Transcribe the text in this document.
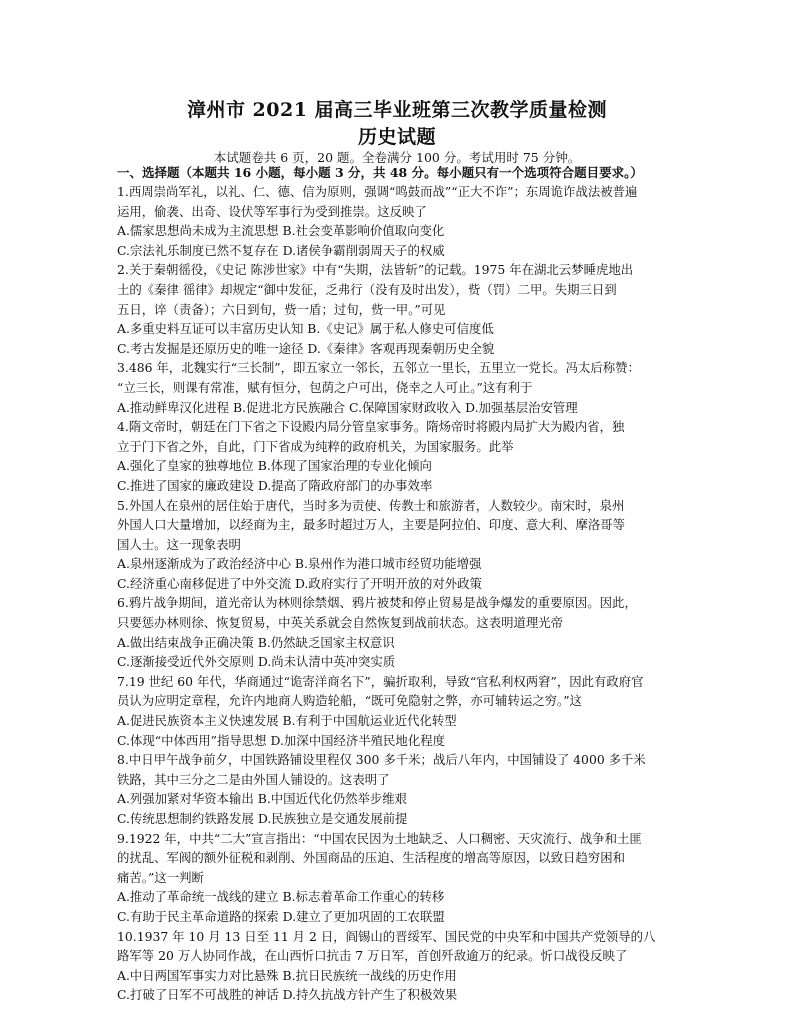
漳州市 2021 届高三毕业班第三次教学质量检测
历史试题
本试题卷共 6 页，20 题。全卷满分 100 分。考试用时 75 分钟。
一、选择题（本题共 16 小题，每小题 3 分，共 48 分。每小题只有一个选项符合题目要求。）
1.西周崇尚军礼，以礼、仁、德、信为原则，强调“鸣鼓而战”“正大不诈”；东周诡诈战法被普遍
运用，偷袭、出奇、设伏等军事行为受到推崇。这反映了
A.儒家思想尚未成为主流思想 B.社会变革影响价值取向变化
C.宗法礼乐制度已然不复存在 D.诸侯争霸削弱周天子的权威
2.关于秦朝徭役，《史记 陈涉世家》中有“失期，法皆斩”的记载。1975 年在湖北云梦睡虎地出
土的《秦律 徭律》却规定“御中发征，乏弗行（没有及时出发），赀（罚）二甲。失期三日到
五日，谇（责备）；六日到旬，赀一盾；过旬，赀一甲。”可见
A.多重史料互证可以丰富历史认知 B.《史记》属于私人修史可信度低
C.考古发掘是还原历史的唯一途径 D.《秦律》客观再现秦朝历史全貌
3.486 年，北魏实行“三长制”，即五家立一邻长，五邻立一里长，五里立一党长。冯太后称赞：
“立三长，则课有常准，赋有恒分，包荫之户可出，侥幸之人可止。”这有利于
A.推动鲜卑汉化进程 B.促进北方民族融合 C.保障国家财政收入 D.加强基层治安管理
4.隋文帝时，朝廷在门下省之下设殿内局分管皇家事务。隋炀帝时将殿内局扩大为殿内省，独
立于门下省之外，自此，门下省成为纯粹的政府机关，为国家服务。此举
A.强化了皇家的独尊地位 B.体现了国家治理的专业化倾向
C.推进了国家的廉政建设 D.提高了隋政府部门的办事效率
5.外国人在泉州的居住始于唐代，当时多为贡使、传教士和旅游者，人数较少。南宋时，泉州
外国人口大量增加，以经商为主，最多时超过万人，主要是阿拉伯、印度、意大利、摩洛哥等
国人士。这一现象表明
A.泉州逐渐成为了政治经济中心 B.泉州作为港口城市经贸功能增强
C.经济重心南移促进了中外交流 D.政府实行了开明开放的对外政策
6.鸦片战争期间，道光帝认为林则徐禁烟、鸦片被焚和停止贸易是战争爆发的重要原因。因此，
只要惩办林则徐、恢复贸易，中英关系就会自然恢复到战前状态。这表明道理光帝
A.做出结束战争正确决策 B.仍然缺乏国家主权意识
C.逐渐接受近代外交原则 D.尚未认清中英冲突实质
7.19 世纪 60 年代，华商通过“诡寄洋商名下”，骗折取利，导致“官私利权两窘”，因此有政府官
员认为应明定章程，允许内地商人购造轮船，“既可免隐射之弊，亦可辅转运之穷。”这
A.促进民族资本主义快速发展 B.有利于中国航运业近代化转型
C.体现“中体西用”指导思想 D.加深中国经济半殖民地化程度
8.中日甲午战争前夕，中国铁路铺设里程仅 300 多千米；战后八年内，中国铺设了 4000 多千米
铁路，其中三分之二是由外国人铺设的。这表明了
A.列强加紧对华资本输出 B.中国近代化仍然举步维艰
C.传统思想制约铁路发展 D.民族独立是交通发展前提
9.1922 年，中共“二大”宣言指出：“中国农民因为土地缺乏、人口稠密、天灾流行、战争和土匪
的扰乱、军阀的额外征税和剥削、外国商品的压迫、生活程度的增高等原因，以致日趋穷困和
痛苦。”这一判断
A.推动了革命统一战线的建立 B.标志着革命工作重心的转移
C.有助于民主革命道路的探索 D.建立了更加巩固的工农联盟
10.1937 年 10 月 13 日至 11 月 2 日，阎锡山的晋绥军、国民党的中央军和中国共产党领导的八
路军等 20 万人协同作战，在山西忻口抗击 7 万日军，首创歼敌逾万的纪录。忻口战役反映了
A.中日两国军事实力对比悬殊 B.抗日民族统一战线的历史作用
C.打破了日军不可战胜的神话 D.持久抗战方针产生了积极效果
